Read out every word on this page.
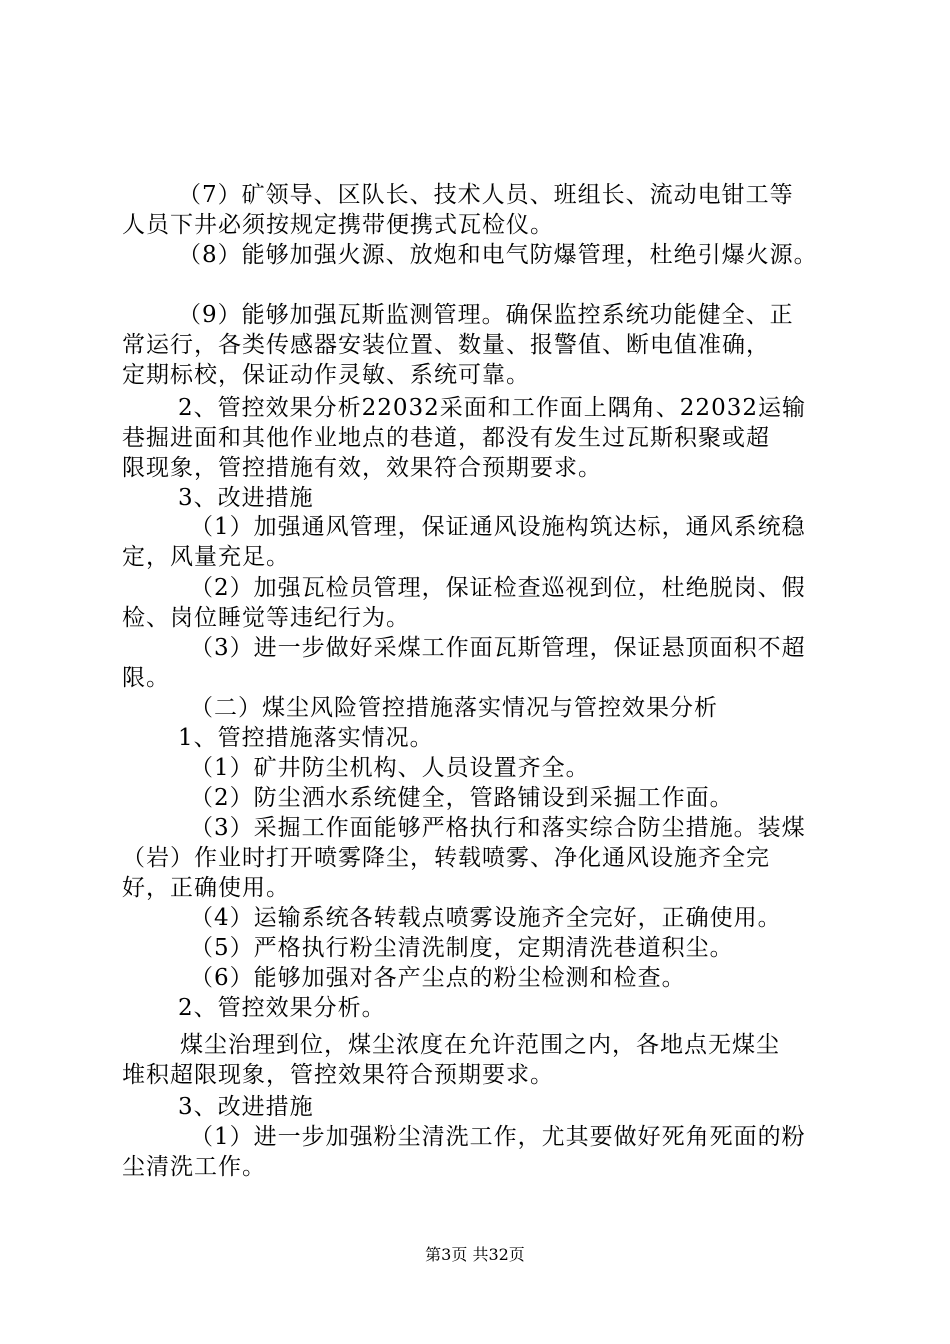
（7）矿领导、区队长、技术人员、班组长、流动电钳工等
人员下井必须按规定携带便携式瓦检仪。
（8）能够加强火源、放炮和电气防爆管理，杜绝引爆火源。
（9）能够加强瓦斯监测管理。确保监控系统功能健全、正
常运行，各类传感器安装位置、数量、报警值、断电值准确，
定期标校，保证动作灵敏、系统可靠。
2、管控效果分析22032采面和工作面上隅角、22032运输
巷掘进面和其他作业地点的巷道，都没有发生过瓦斯积聚或超
限现象，管控措施有效，效果符合预期要求。
3、改进措施
（1）加强通风管理，保证通风设施构筑达标，通风系统稳
定，风量充足。
（2）加强瓦检员管理，保证检查巡视到位，杜绝脱岗、假
检、岗位睡觉等违纪行为。
（3）进一步做好采煤工作面瓦斯管理，保证悬顶面积不超
限。
（二）煤尘风险管控措施落实情况与管控效果分析
1、管控措施落实情况。
（1）矿井防尘机构、人员设置齐全。
（2）防尘洒水系统健全，管路铺设到采掘工作面。
（3）采掘工作面能够严格执行和落实综合防尘措施。装煤
（岩）作业时打开喷雾降尘，转载喷雾、净化通风设施齐全完
好，正确使用。
（4）运输系统各转载点喷雾设施齐全完好，正确使用。
（5）严格执行粉尘清洗制度，定期清洗巷道积尘。
（6）能够加强对各产尘点的粉尘检测和检查。
2、管控效果分析。
煤尘治理到位，煤尘浓度在允许范围之内，各地点无煤尘
堆积超限现象，管控效果符合预期要求。
3、改进措施
（1）进一步加强粉尘清洗工作，尤其要做好死角死面的粉
尘清洗工作。
第3页 共32页
